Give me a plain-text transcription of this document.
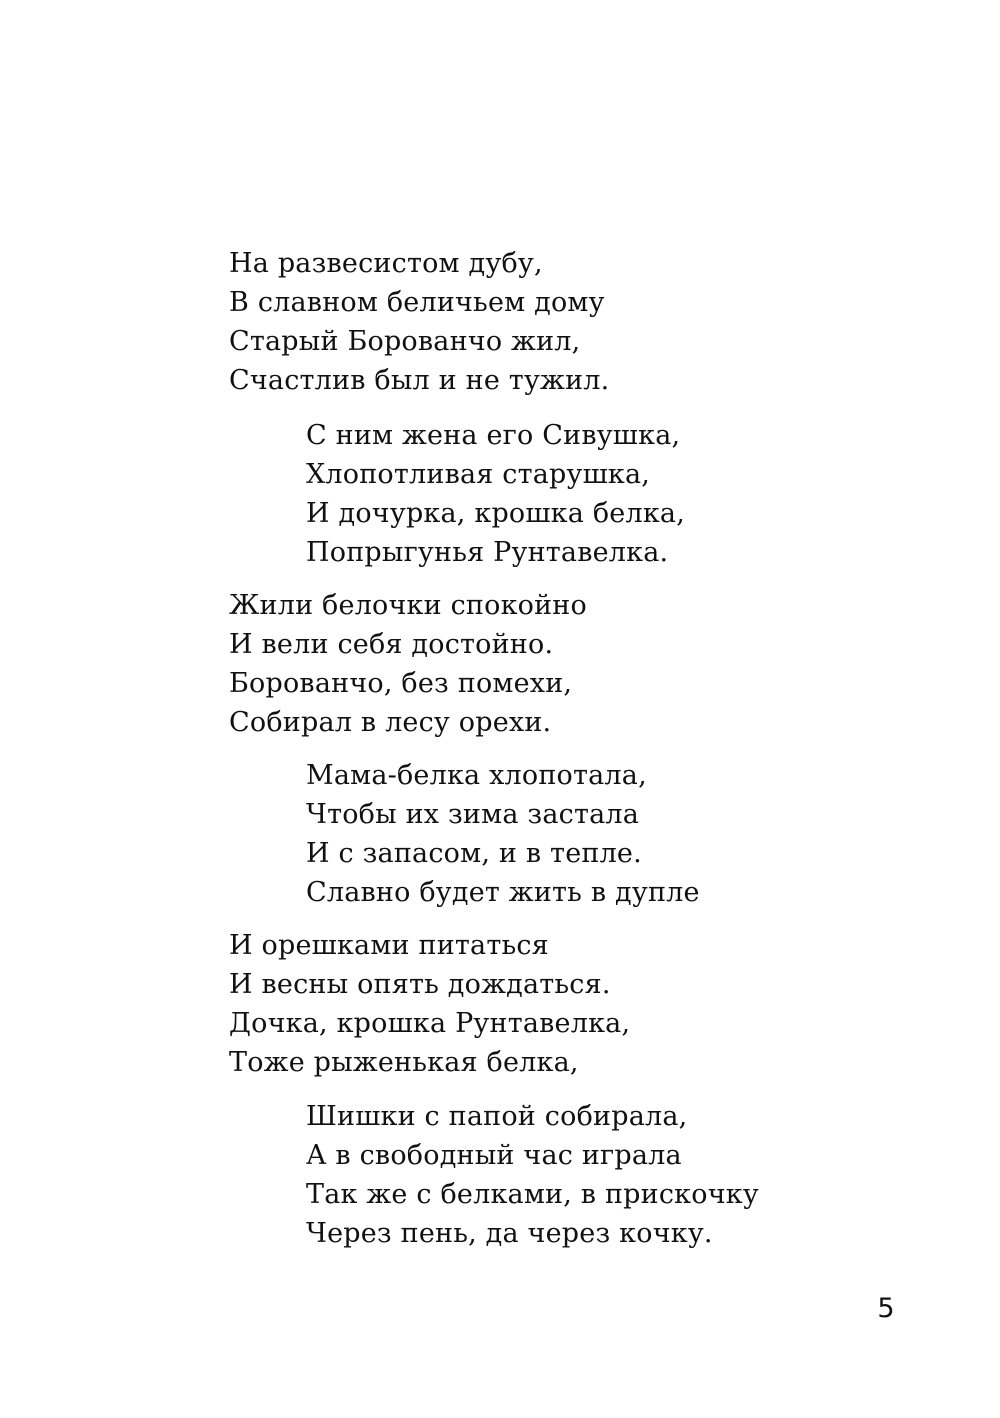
На развесистом дубу,
В славном беличьем дому
Старый Борованчо жил,
Счастлив был и не тужил.
С ним жена его Сивушка,
Хлопотливая старушка,
И дочурка, крошка белка,
Попрыгунья Рунтавелка.
Жили белочки спокойно
И вели себя достойно.
Борованчо, без помехи,
Собирал в лесу орехи.
Мама-белка хлопотала,
Чтобы их зима застала
И с запасом, и в тепле.
Славно будет жить в дупле
И орешками питаться
И весны опять дождаться.
Дочка, крошка Рунтавелка,
Тоже рыженькая белка,
Шишки с папой собирала,
А в свободный час играла
Так же с белками, в прискочку
Через пень, да через кочку.
5
